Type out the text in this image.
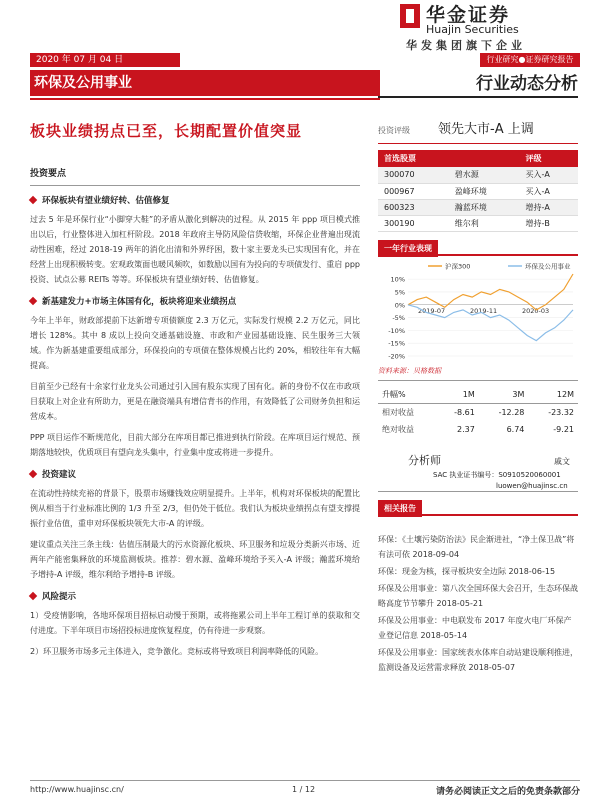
华金证券
Huajin Securities
华发集团旗下企业
2020 年 07 月 04 日	行业研究●证券研究报告
环保及公用事业	行业动态分析
板块业绩拐点已至，长期配置价值突显
投资要点
环保板块有望业绩好转、估值修复

过去 5 年是环保行业“小脚穿大鞋”的矛盾从激化到解决的过程。从 2015 年 ppp 项目模式推出以后，行业整体进入加杠杆阶段。2018 年政府主导防风险信贷收缩，环保企业普遍出现流动性困难，经过 2018-19 两年的消化出清和外界纾困，数十家主要龙头已实现国有化，并在经营上出现积极转变。宏观政策面也暖风频吹，如数励以国有为投向的专项债发行、重启 ppp 投资、试点公募 REITs 等等。环保板块有望业绩好转、估值修复。

新基建发力+市场主体国有化，板块将迎来业绩拐点

今年上半年，财政部提前下达新增专项债额度 2.3 万亿元，实际发行规模 2.2 万亿元，同比增长 128%。其中 8 成以上投向交通基础设施、市政和产业园基础设施、民生服务三大领域。作为新基建重要组成部分，环保投向的专项债在整体规模占比约 20%，相较往年有大幅提高。

目前至少已经有十余家行业龙头公司通过引入国有股东实现了国有化。新的身份不仅在市政项目获取上对企业有所助力，更是在融资端具有增信背书的作用，有效降低了公司财务负担和运营成本。

PPP 项目运作不断规范化，目前大部分在库项目都已推进到执行阶段。在库项目运行规范、预期落地较快，优质项目有望向龙头集中，行业集中度或将进一步提升。

投资建议

在流动性持续充裕的背景下，股票市场赚钱效应明显提升。上半年，机构对环保板块的配置比例从相当于行业标准比例的 1/3 升至 2/3，但仍处于低位。我们认为板块业绩拐点有望支撑提振行业估值，重申对环保板块领先大市-A 的评级。

建议重点关注三条主线：估值压制最大的污水资源化板块、环卫服务和垃圾分类新兴市场、近两年产能密集释放的环境监测板块。推荐：碧水源、盈峰环境给予买入-A 评级；瀚蓝环境给予增持-A 评级，维尔利给予增持-B 评级。

风险提示

1）受疫情影响，各地环保项目招标启动慢于预期，或将拖累公司上半年工程订单的获取和交付进度。下半年项目市场招投标进度恢复程度，仍有待进一步观察。

2）环卫服务市场多元主体进入，竞争激化。竞标或将导致项目利润率降低的风险。

投资评级	领先大市-A 上调
首选股票		评级
300070	碧水源	买入-A
000967	盈峰环境	买入-A
600323	瀚蓝环境	增持-A
300190	维尔利	增持-B
一年行业表现
10%
5%
0%
-5%
-10%
-15%
-20%
2019-07	2019-11	2020-03
沪深300	环保及公用事业
资料来源：贝格数据
升幅%	1M	3M	12M
相对收益	-8.61	-12.28	-23.32
绝对收益	2.37	6.74	-9.21
分析师	戚文
SAC 执业证书编号：S0910520060001
luowen@huajinsc.cn
相关报告
环保：《土壤污染防治法》民企渐进社，“净土保卫战”将有法可依 2018-09-04
环保：现金为核，探寻板块安全边际 2018-06-15
环保及公用事业：第八次全国环保大会召开，生态环保战略高度节节攀升 2018-05-21
环保及公用事业：中电联发布 2017 年度火电厂环保产业登记信息 2018-05-14
环保及公用事业：国家统表水体库自动站建设顺利推进，监测设备及运营需求释放 2018-05-07
http://www.huajinsc.cn/	1 / 12	请务必阅读正文之后的免责条款部分
